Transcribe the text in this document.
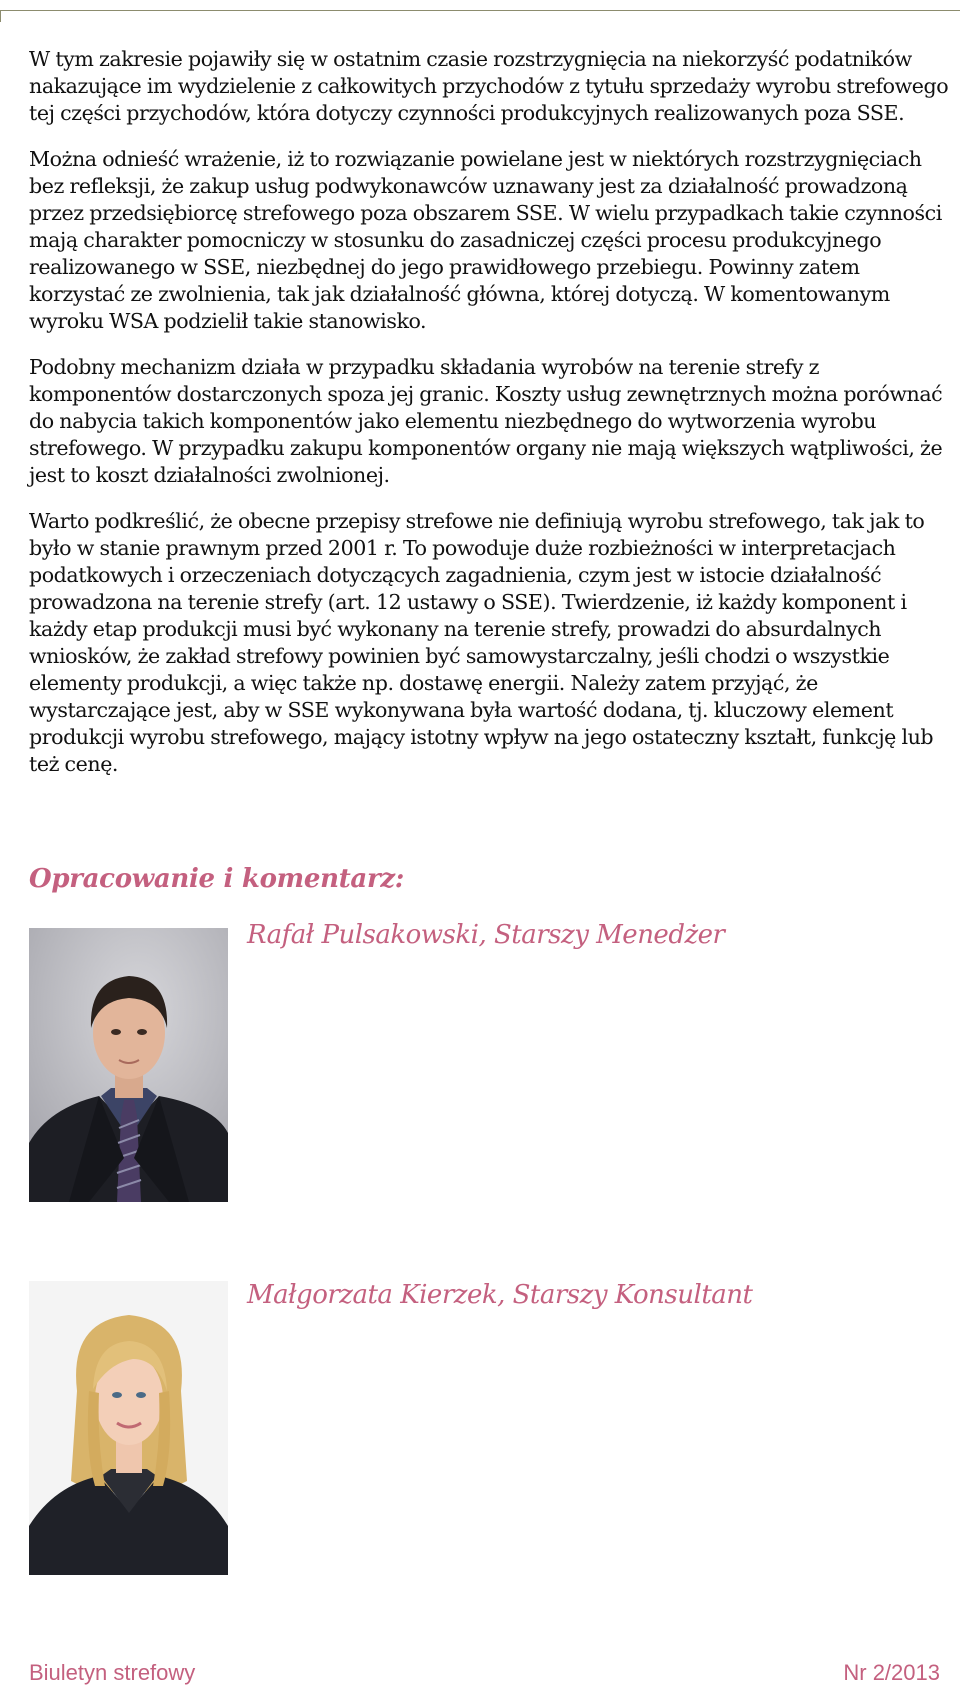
W tym zakresie pojawiły się w ostatnim czasie rozstrzygnięcia na niekorzyść podatników nakazujące im wydzielenie z całkowitych przychodów z tytułu sprzedaży wyrobu strefowego tej części przychodów, która dotyczy czynności produkcyjnych realizowanych poza SSE.

Można odnieść wrażenie, iż to rozwiązanie powielane jest w niektórych rozstrzygnięciach bez refleksji, że zakup usług podwykonawców uznawany jest za działalność prowadzoną przez przedsiębiorcę strefowego poza obszarem SSE. W wielu przypadkach takie czynności mają charakter pomocniczy w stosunku do zasadniczej części procesu produkcyjnego realizowanego w SSE, niezbędnej do jego prawidłowego przebiegu. Powinny zatem korzystać ze zwolnienia, tak jak działalność główna, której dotyczą. W komentowanym wyroku WSA podzielił takie stanowisko.

Podobny mechanizm działa w przypadku składania wyrobów na terenie strefy z komponentów dostarczonych spoza jej granic. Koszty usług zewnętrznych można porównać do nabycia takich komponentów jako elementu niezbędnego do wytworzenia wyrobu strefowego. W przypadku zakupu komponentów organy nie mają większych wątpliwości, że jest to koszt działalności zwolnionej.

Warto podkreślić, że obecne przepisy strefowe nie definiują wyrobu strefowego, tak jak to było w stanie prawnym przed 2001 r. To powoduje duże rozbieżności w interpretacjach podatkowych i orzeczeniach dotyczących zagadnienia, czym jest w istocie działalność prowadzona na terenie strefy (art. 12 ustawy o SSE). Twierdzenie, iż każdy komponent i każdy etap produkcji musi być wykonany na terenie strefy, prowadzi do absurdalnych wniosków, że zakład strefowy powinien być samowystarczalny, jeśli chodzi o wszystkie elementy produkcji, a więc także np. dostawę energii. Należy zatem przyjąć, że wystarczające jest, aby w SSE wykonywana była wartość dodana, tj. kluczowy element produkcji wyrobu strefowego, mający istotny wpływ na jego ostateczny kształt, funkcję lub też cenę.

Opracowanie i komentarz:

Rafał Pulsakowski, Starszy Menedżer

Małgorzata Kierzek, Starszy Konsultant

Biuletyn strefowy	Nr 2/2013
